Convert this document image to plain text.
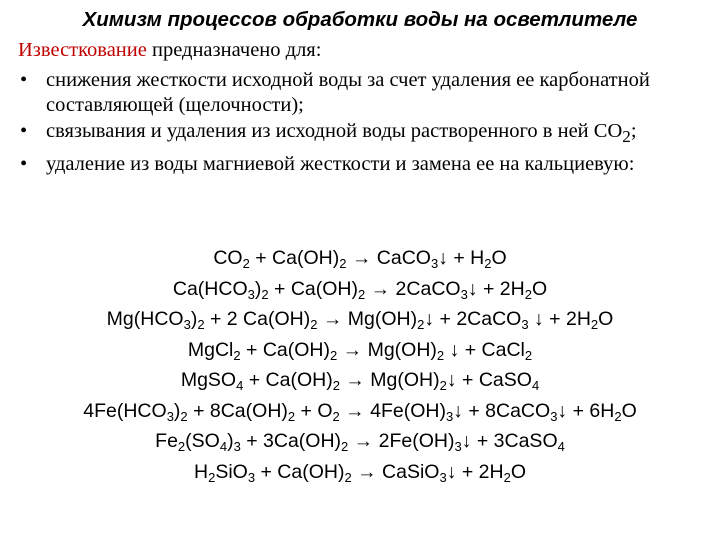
Химизм процессов обработки воды на осветлителе
Известкование предназначено для:
• снижения жесткости исходной воды за счет удаления ее карбонатной составляющей (щелочности);
• связывания и удаления из исходной воды растворенного в ней $CO_2$;
• удаление из воды магниевой жесткости и замена ее на кальциевую:
$CO_2 + Ca(OH)_2$ → CaCO$_3$↓ + $H_2O$
$Ca(HCO_3)_2 + Ca(OH)_2$ → 2CaCO$_3$↓ + $2H_2O$
$Mg(HCO_3)_2 + 2$ $Ca(OH)_2$ → $Mg(OH)_2↓$ + 2CaCO$_3$ ↓ + $2H_2O$
MgCl$_2$ + $Ca(OH)_2 \to Mg(OH)_2$ ↓ + CaCl$_2$
MgSO$_4$ + $Ca(OH)_2$ → $Mg(OH)_2↓$ + CaSO$_4$
$4Fe(HCO_3)_2 + 8Ca(OH)_2 + O_2$ → $4Fe(OH)_3↓$ + 8CaCO$_3$↓ + $6H_2O$
$Fe_2(SO_4)_3 + 3Ca(OH)_2$ → $2Fe(OH)_3↓$ + 3CaSO$_4$
$H_2SiO_3 + Ca(OH)_2$ → CaSiO$_3$↓ + $2H_2O$
